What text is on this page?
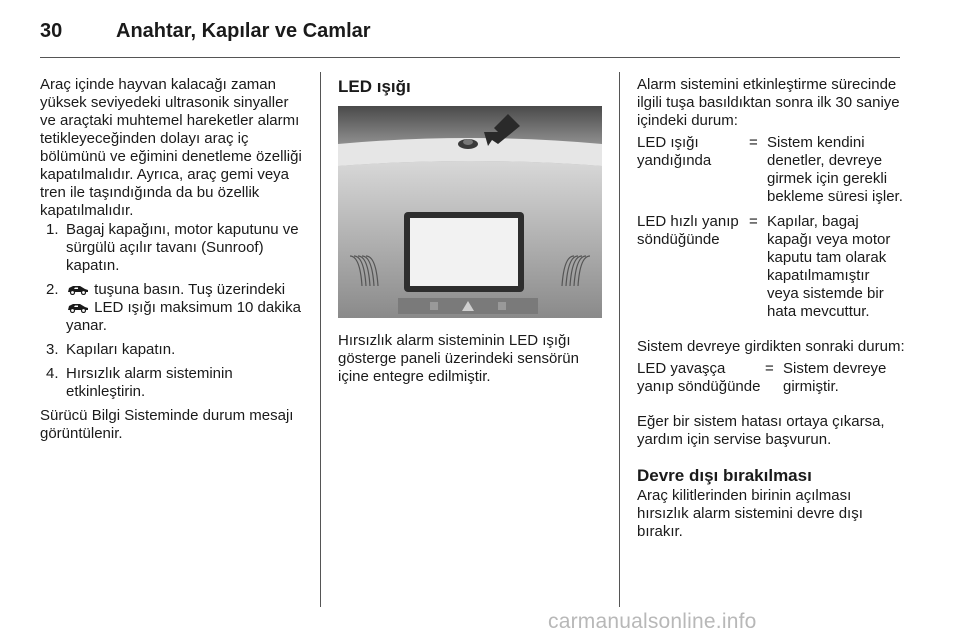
30	Anahtar, Kapılar ve Camlar

Araç içinde hayvan kalacağı zaman yüksek seviyedeki ultrasonik sinyaller ve araçtaki muhtemel hareketler alarmı tetikleyeceğinden dolayı araç iç bölümünü ve eğimini denetleme özelliği kapatılmalıdır. Ayrıca, araç gemi veya tren ile taşındığında da bu özellik kapatılmalıdır.

1. Bagaj kapağını, motor kaputunu ve sürgülü açılır tavanı (Sunroof) kapatın.
2. tuşuna basın. Tuş üzerindeki
LED ışığı maksimum 10 dakika yanar.
3. Kapıları kapatın.
4. Hırsızlık alarm sisteminin etkinleştirin.

Sürücü Bilgi Sisteminde durum mesajı görüntülenir.

LED ışığı

Hırsızlık alarm sisteminin LED ışığı gösterge paneli üzerindeki sensörün içine entegre edilmiştir.

Alarm sistemini etkinleştirme sürecinde ilgili tuşa basıldıktan sonra ilk 30 saniye içindeki durum:

LED ışığı yandığında
= Sistem kendini denetler, devreye girmek için gerekli bekleme süresi işler.
LED hızlı yanıp söndüğünde
= Kapılar, bagaj kapağı veya motor kaputu tam olarak kapatılmamıştır veya sistemde bir hata mevcuttur.

Sistem devreye girdikten sonraki durum:

LED yavaşça yanıp söndüğünde
= Sistem devreye girmiştir.

Eğer bir sistem hatası ortaya çıkarsa, yardım için servise başvurun.

Devre dışı bırakılması

Araç kilitlerinden birinin açılması hırsızlık alarm sistemini devre dışı bırakır.

carmanualsonline.info
